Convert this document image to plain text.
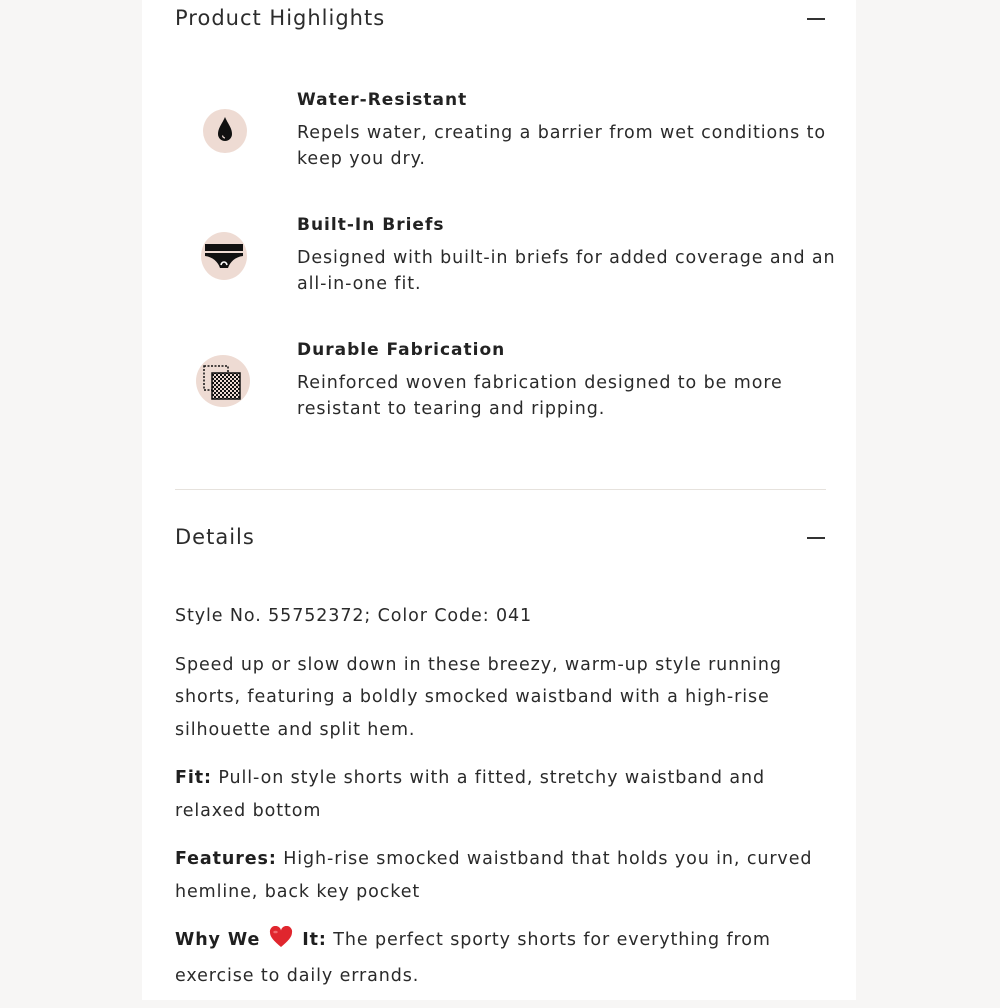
Product Highlights
Water-Resistant
Repels water, creating a barrier from wet conditions to keep you dry.
Built-In Briefs
Designed with built-in briefs for added coverage and an all-in-one fit.
Durable Fabrication
Reinforced woven fabrication designed to be more resistant to tearing and ripping.
Details

Style No. 55752372; Color Code: 041

Speed up or slow down in these breezy, warm-up style running shorts, featuring a boldly smocked waistband with a high-rise silhouette and split hem.

Fit: Pull-on style shorts with a fitted, stretchy waistband and relaxed bottom

Features: High-rise smocked waistband that holds you in, curved hemline, back key pocket

Why We  It: The perfect sporty shorts for everything from exercise to daily errands.
